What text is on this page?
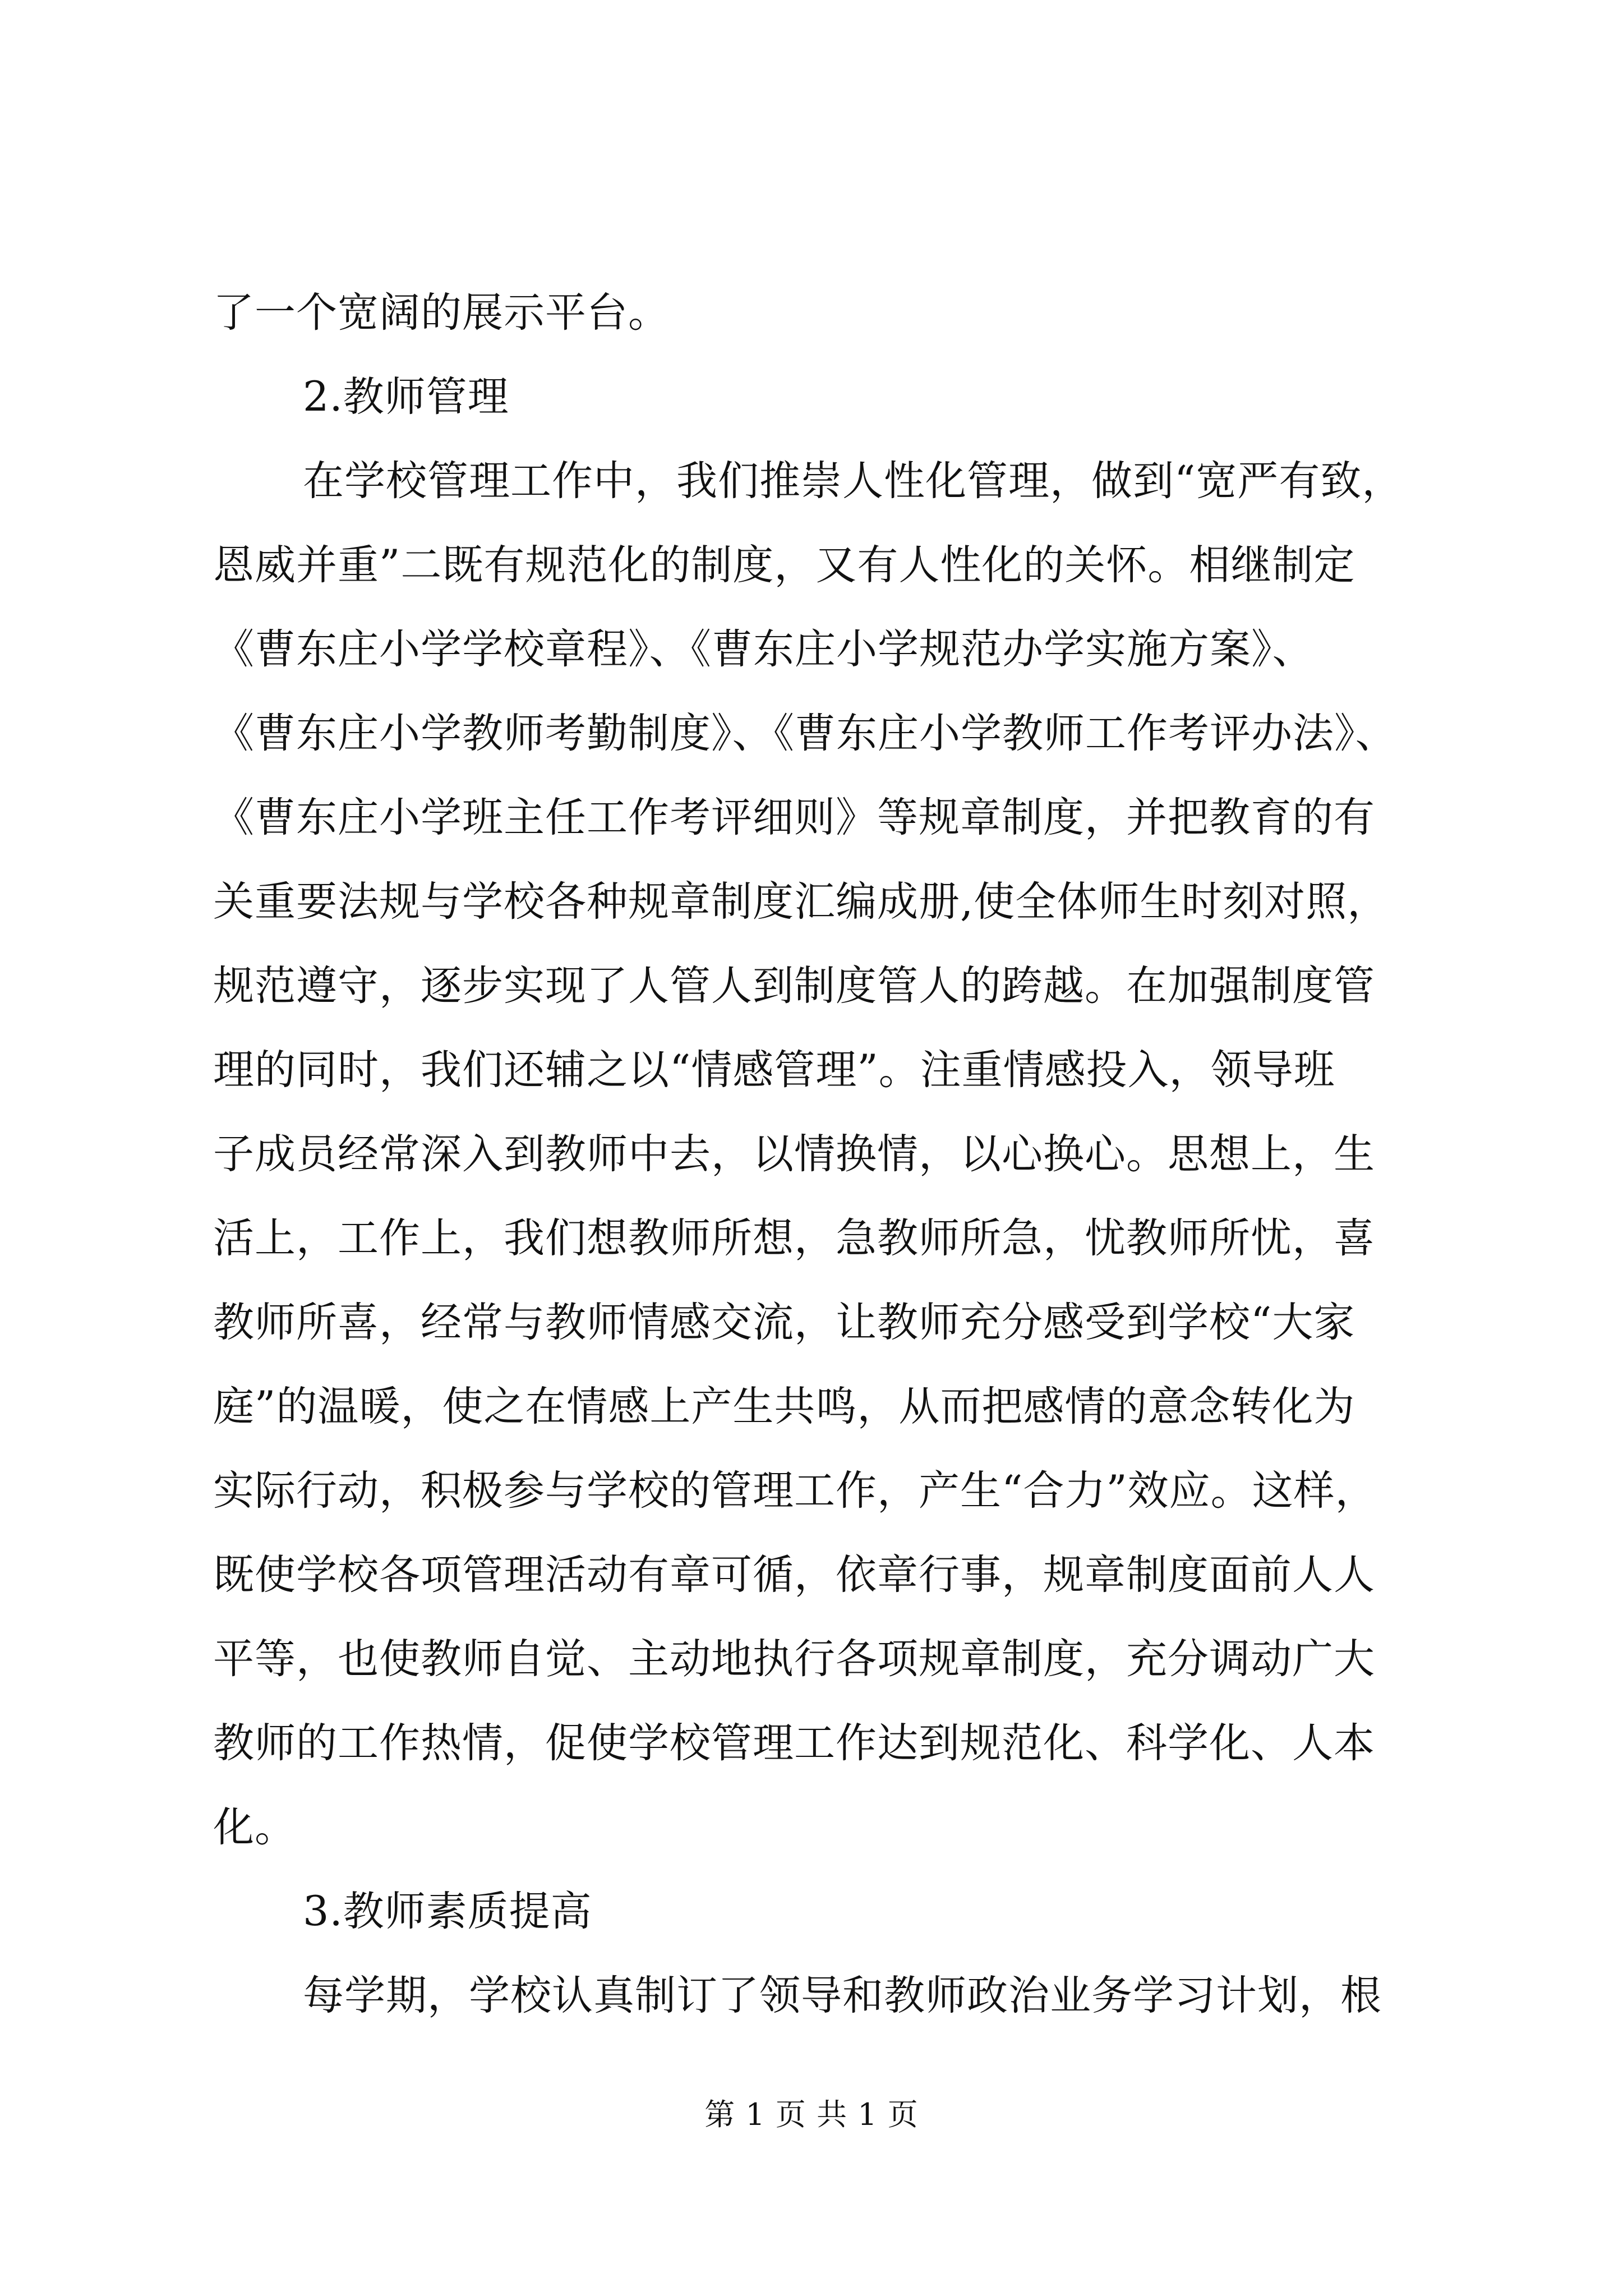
了一个宽阔的展示平台。
2.教师管理
在学校管理工作中，我们推崇人性化管理，做到“宽严有致，
恩威并重”二既有规范化的制度，又有人性化的关怀。相继制定
《曹东庄小学学校章程》、《曹东庄小学规范办学实施方案》、
《曹东庄小学教师考勤制度》、《曹东庄小学教师工作考评办法》、
《曹东庄小学班主任工作考评细则》等规章制度，并把教育的有
关重要法规与学校各种规章制度汇编成册,使全体师生时刻对照，
规范遵守，逐步实现了人管人到制度管人的跨越。在加强制度管
理的同时，我们还辅之以“情感管理”。注重情感投入，领导班
子成员经常深入到教师中去，以情换情，以心换心。思想上，生
活上，工作上，我们想教师所想，急教师所急，忧教师所忧，喜
教师所喜，经常与教师情感交流，让教师充分感受到学校“大家
庭”的温暖，使之在情感上产生共鸣，从而把感情的意念转化为
实际行动，积极参与学校的管理工作，产生“合力”效应。这样，
既使学校各项管理活动有章可循，依章行事，规章制度面前人人
平等，也使教师自觉、主动地执行各项规章制度，充分调动广大
教师的工作热情，促使学校管理工作达到规范化、科学化、人本
化。
3.教师素质提高
每学期，学校认真制订了领导和教师政治业务学习计划，根
第 1 页 共 1 页
